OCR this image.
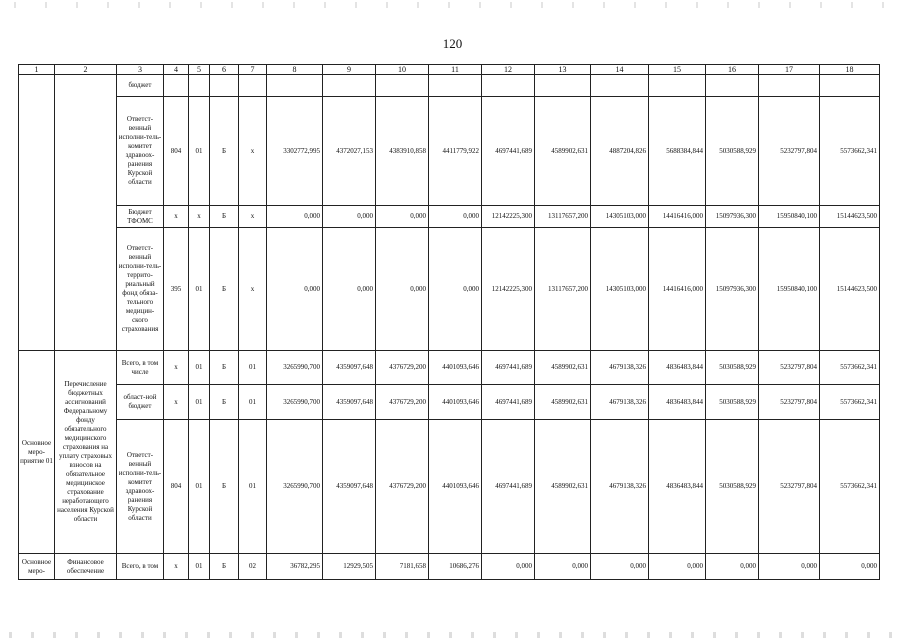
120
1	2	3	4	5	6	7	8	9	10	11	12	13	14	15	16	17	18
		бюджет															
		Ответст-венный исполни-тель-комитет здравоох-ранения Курской области	804	01	Б	х	3302772,995	4372027,153	4383910,858	4411779,922	4697441,689	4589902,631	4887204,826	5688384,844	5030588,929	5232797,804	5573662,341
		Бюджет ТФОМС	х	х	Б	х	0,000	0,000	0,000	0,000	12142225,300	13117657,200	14305103,000	14416416,000	15097936,300	15950840,100	15144623,500
		Ответст-венный исполни-тель-террито-риальный фонд обяза-тельного медицин-ского страхования	395	01	Б	х	0,000	0,000	0,000	0,000	12142225,300	13117657,200	14305103,000	14416416,000	15097936,300	15950840,100	15144623,500
Основное меро-приятие 01	Перечисление бюджетных ассигнований Федеральному фонду обязательного медицинского страхования на уплату страховых взносов на обязательное медицинское страхование неработающего населения Курской области	Всего, в том числе	х	01	Б	01	3265990,700	4359097,648	4376729,200	4401093,646	4697441,689	4589902,631	4679138,326	4836483,844	5030588,929	5232797,804	5573662,341
		област-ной бюджет	х	01	Б	01	3265990,700	4359097,648	4376729,200	4401093,646	4697441,689	4589902,631	4679138,326	4836483,844	5030588,929	5232797,804	5573662,341
		Ответст-венный исполни-тель-комитет здравоох-ранения Курской области	804	01	Б	01	3265990,700	4359097,648	4376729,200	4401093,646	4697441,689	4589902,631	4679138,326	4836483,844	5030588,929	5232797,804	5573662,341
Основное меро-	Финансовое обеспечение	Всего, в том	х	01	Б	02	36782,295	12929,505	7181,658	10686,276	0,000	0,000	0,000	0,000	0,000	0,000	0,000
